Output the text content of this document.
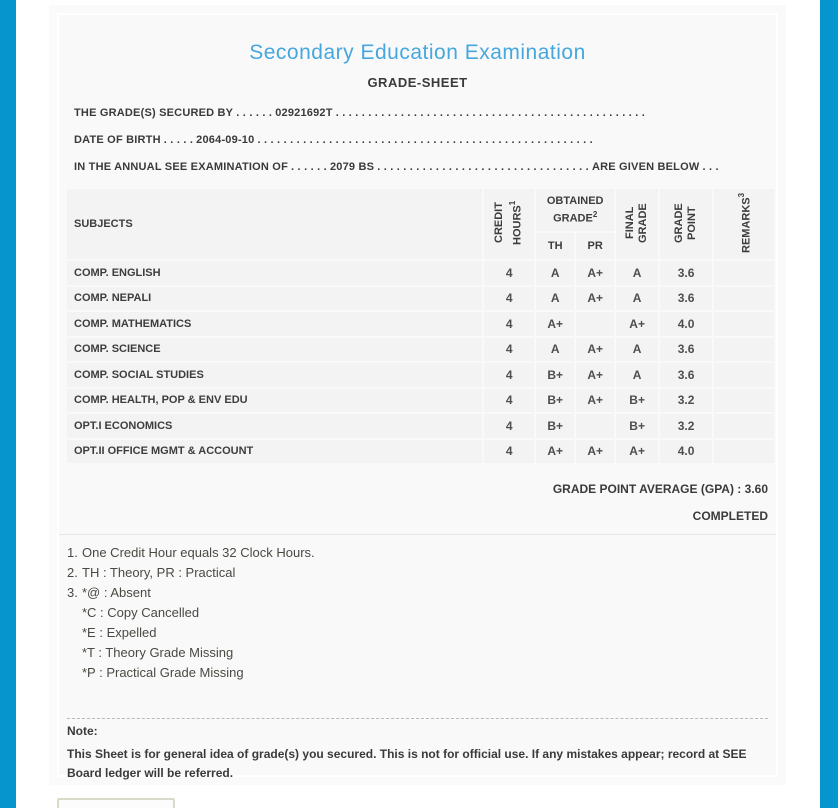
Secondary Education Examination
GRADE-SHEET
THE GRADE(S) SECURED BY . . . . . . 02921692T . . . . . . . . . . . . . . . . . . . . . . . . . . . . . . . . . . . . . . . . . . . . . . . .
DATE OF BIRTH . . . . . 2064-09-10 . . . . . . . . . . . . . . . . . . . . . . . . . . . . . . . . . . . . . . . . . . . . . . . . . . . .
IN THE ANNUAL SEE EXAMINATION OF . . . . . . 2079 BS . . . . . . . . . . . . . . . . . . . . . . . . . . . . . . . . . ARE GIVEN BELOW . . .
SUBJECTS	CREDIT HOURS$^1$	OBTAINED GRADE$^2$		FINAL GRADE	GRADE POINT	REMARKS$^3$
		TH	PR			
COMP. ENGLISH	4	A	A+	A	3.6	
COMP. NEPALI	4	A	A+	A	3.6	
COMP. MATHEMATICS	4	A+		A+	4.0	
COMP. SCIENCE	4	A	A+	A	3.6	
COMP. SOCIAL STUDIES	4	B+	A+	A	3.6	
COMP. HEALTH, POP & ENV EDU	4	B+	A+	B+	3.2	
OPT.I ECONOMICS	4	B+		B+	3.2	
OPT.II OFFICE MGMT & ACCOUNT	4	A+	A+	A+	4.0	
GRADE POINT AVERAGE (GPA) : 3.60
COMPLETED
1. One Credit Hour equals 32 Clock Hours.
2. TH : Theory, PR : Practical
3. *@ : Absent
*C : Copy Cancelled
*E : Expelled
*T : Theory Grade Missing
*P : Practical Grade Missing
Note:
This Sheet is for general idea of grade(s) you secured. This is not for official use. If any mistakes appear; record at SEE Board ledger will be referred.
